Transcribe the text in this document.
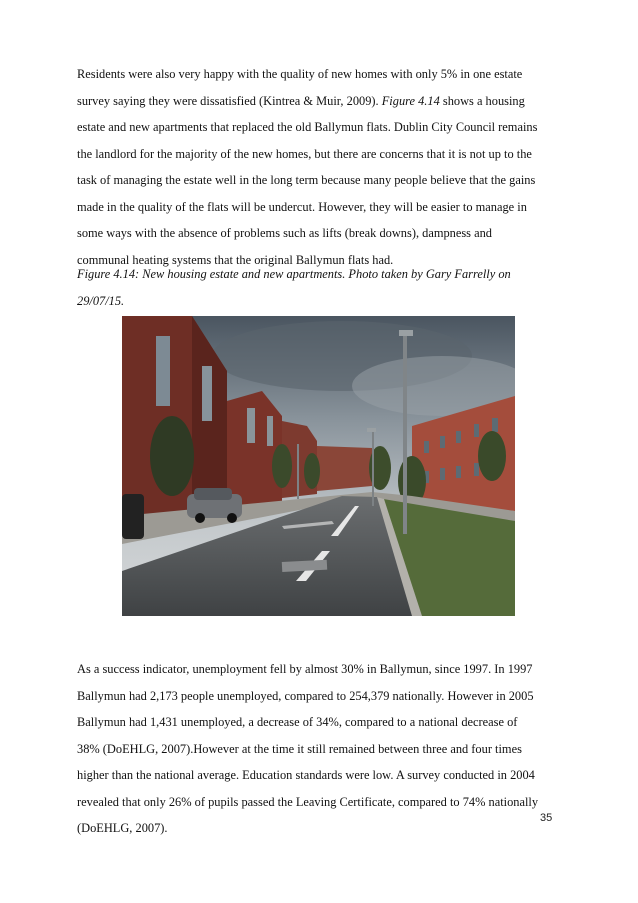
Residents were also very happy with the quality of new homes with only 5% in one estate
survey saying they were dissatisfied (Kintrea & Muir, 2009). Figure 4.14 shows a housing
estate and new apartments that replaced the old Ballymun flats. Dublin City Council remains
the landlord for the majority of the new homes, but there are concerns that it is not up to the
task of managing the estate well in the long term because many people believe that the gains
made in the quality of the flats will be undercut. However, they will be easier to manage in
some ways with the absence of problems such as lifts (break downs), dampness and
communal heating systems that the original Ballymun flats had.
Figure 4.14: New housing estate and new apartments. Photo taken by Gary Farrelly on
29/07/15.
As a success indicator, unemployment fell by almost 30% in Ballymun, since 1997. In 1997
Ballymun had 2,173 people unemployed, compared to 254,379 nationally. However in 2005
Ballymun had 1,431 unemployed, a decrease of 34%, compared to a national decrease of
38% (DoEHLG, 2007).However at the time it still remained between three and four times
higher than the national average. Education standards were low. A survey conducted in 2004
revealed that only 26% of pupils passed the Leaving Certificate, compared to 74% nationally
(DoEHLG, 2007).
35
